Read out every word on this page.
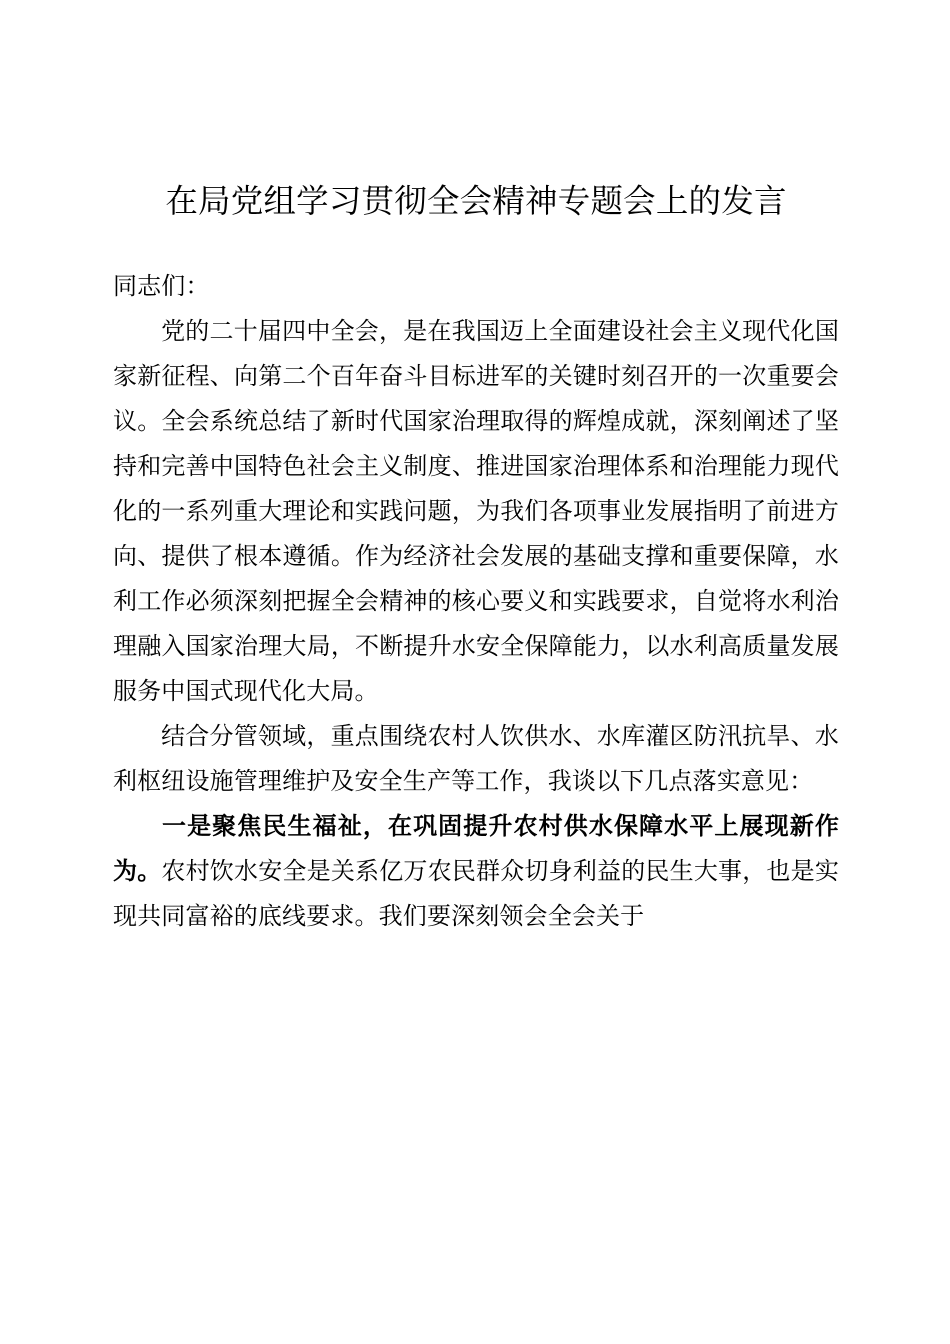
在局党组学习贯彻全会精神专题会上的发言

同志们：

党的二十届四中全会，是在我国迈上全面建设社会主义现代化国家新征程、向第二个百年奋斗目标进军的关键时刻召开的一次重要会议。全会系统总结了新时代国家治理取得的辉煌成就，深刻阐述了坚持和完善中国特色社会主义制度、推进国家治理体系和治理能力现代化的一系列重大理论和实践问题，为我们各项事业发展指明了前进方向、提供了根本遵循。作为经济社会发展的基础支撑和重要保障，水利工作必须深刻把握全会精神的核心要义和实践要求，自觉将水利治理融入国家治理大局，不断提升水安全保障能力，以水利高质量发展服务中国式现代化大局。

结合分管领域，重点围绕农村人饮供水、水库灌区防汛抗旱、水利枢纽设施管理维护及安全生产等工作，我谈以下几点落实意见：

一是聚焦民生福祉，在巩固提升农村供水保障水平上展现新作为。农村饮水安全是关系亿万农民群众切身利益的民生大事，也是实现共同富裕的底线要求。我们要深刻领会全会关于
